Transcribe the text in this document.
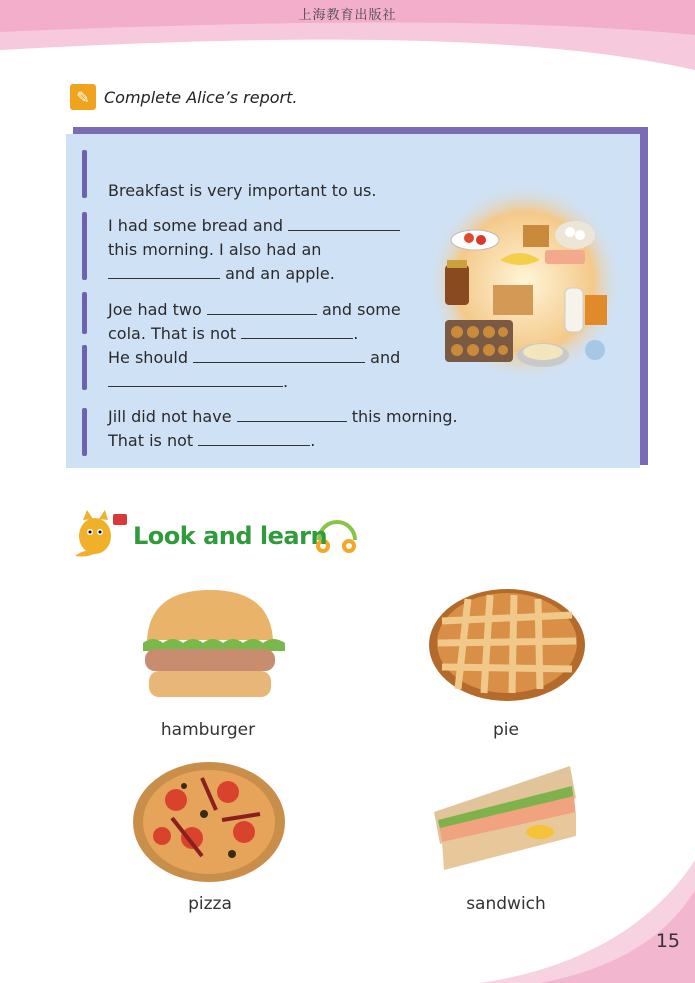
上海教育出版社
✎ Complete Alice’s report.
Breakfast is very important to us.
I had some bread and
this morning. I also had an
and an apple.
Joe had two	and some
cola. That is not	.
He should	and
.
Jill did not have	this morning.
That is not	.
Look and learn
hamburger	pie
pizza	sandwich
15
